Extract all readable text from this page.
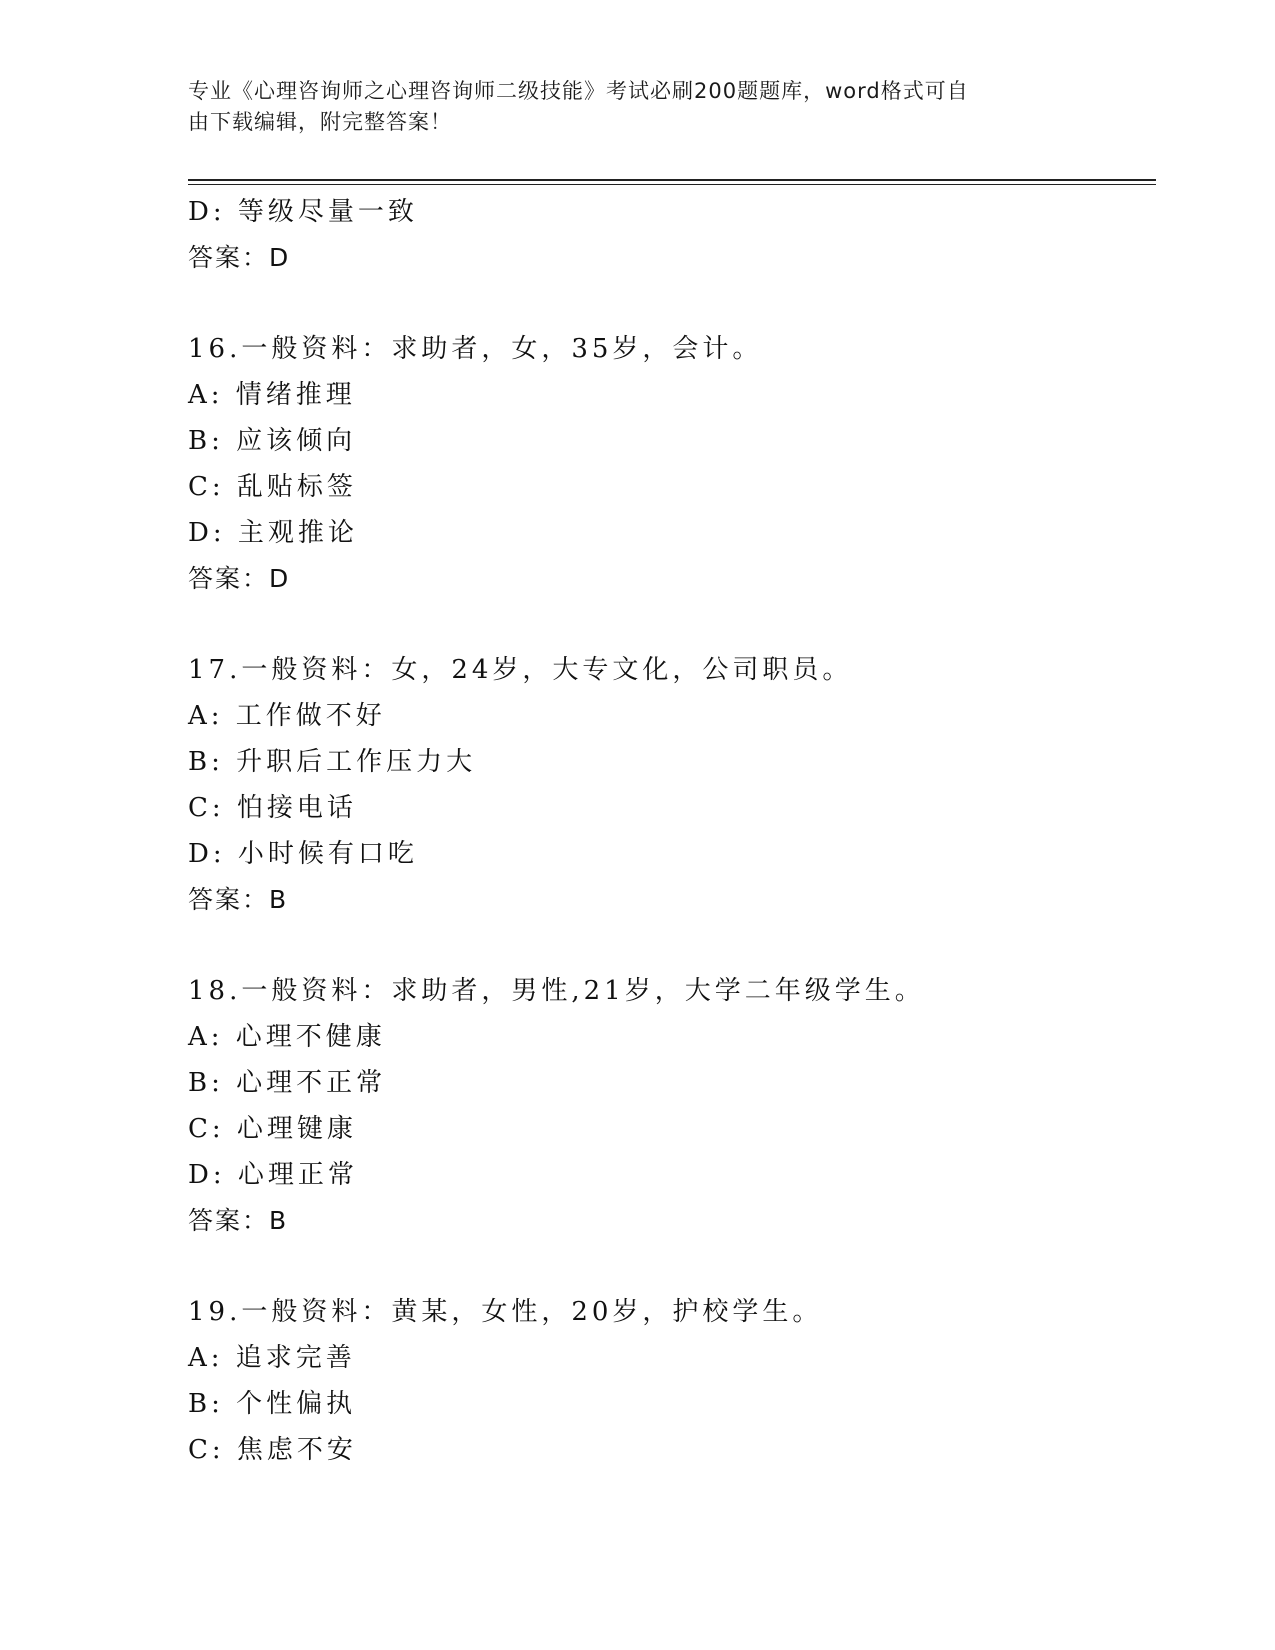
专业《心理咨询师之心理咨询师二级技能》考试必刷200题题库，word格式可自
由下载编辑，附完整答案！
D: 等级尽量一致
答案：D
16.一般资料：求助者，女，35岁，会计。
A: 情绪推理
B: 应该倾向
C: 乱贴标签
D: 主观推论
答案：D
17.一般资料：女，24岁，大专文化，公司职员。
A: 工作做不好
B: 升职后工作压力大
C: 怕接电话
D: 小时候有口吃
答案：B
18.一般资料：求助者，男性,21岁，大学二年级学生。
A: 心理不健康
B: 心理不正常
C: 心理键康
D: 心理正常
答案：B
19.一般资料：黄某，女性，20岁，护校学生。
A: 追求完善
B: 个性偏执
C: 焦虑不安
